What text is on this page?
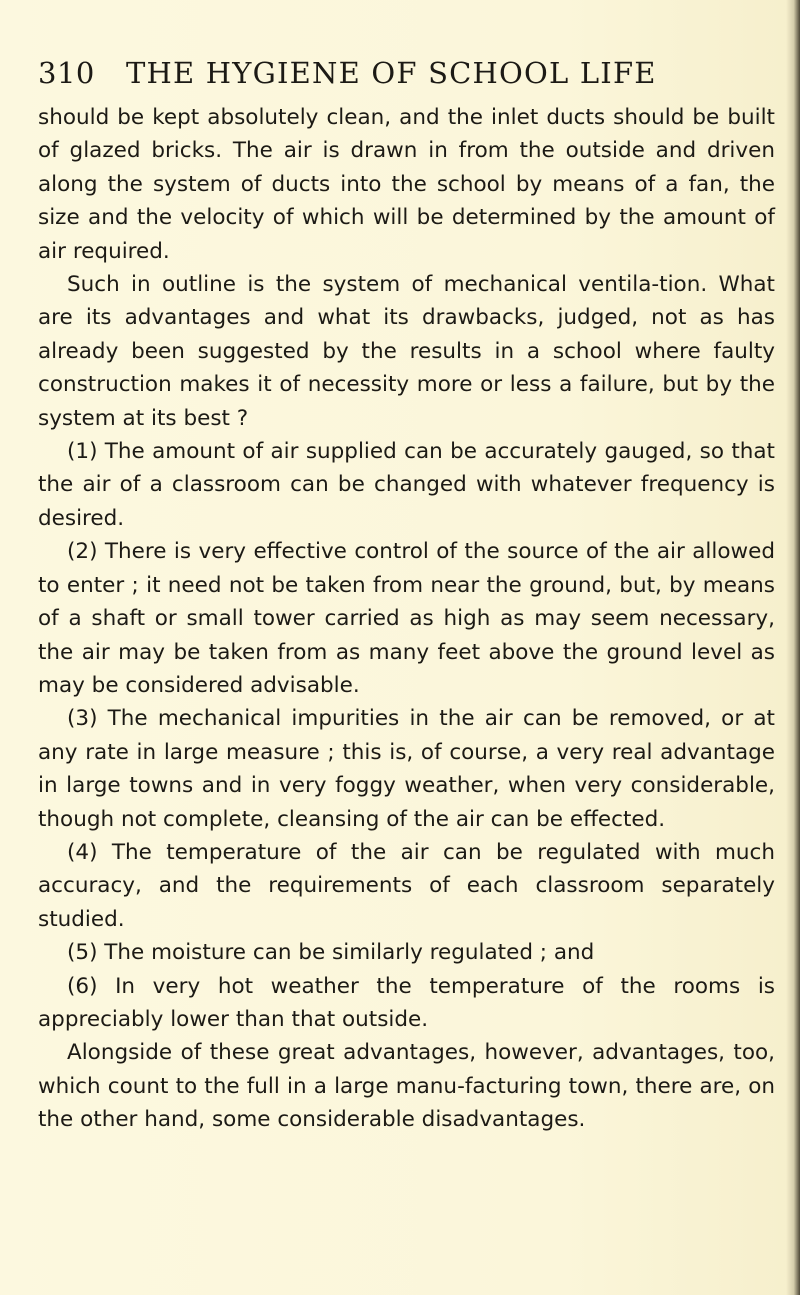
310 THE HYGIENE OF SCHOOL LIFE

should be kept absolutely clean, and the inlet ducts should be built of glazed bricks. The air is drawn in from the outside and driven along the system of ducts into the school by means of a fan, the size and the velocity of which will be determined by the amount of air required.

Such in outline is the system of mechanical ventila-tion. What are its advantages and what its drawbacks, judged, not as has already been suggested by the results in a school where faulty construction makes it of necessity more or less a failure, but by the system at its best ?

(1) The amount of air supplied can be accurately gauged, so that the air of a classroom can be changed with whatever frequency is desired.

(2) There is very effective control of the source of the air allowed to enter ; it need not be taken from near the ground, but, by means of a shaft or small tower carried as high as may seem necessary, the air may be taken from as many feet above the ground level as may be considered advisable.

(3) The mechanical impurities in the air can be removed, or at any rate in large measure ; this is, of course, a very real advantage in large towns and in very foggy weather, when very considerable, though not complete, cleansing of the air can be effected.

(4) The temperature of the air can be regulated with much accuracy, and the requirements of each classroom separately studied.

(5) The moisture can be similarly regulated ; and

(6) In very hot weather the temperature of the rooms is appreciably lower than that outside.

Alongside of these great advantages, however, advantages, too, which count to the full in a large manu-facturing town, there are, on the other hand, some considerable disadvantages.
